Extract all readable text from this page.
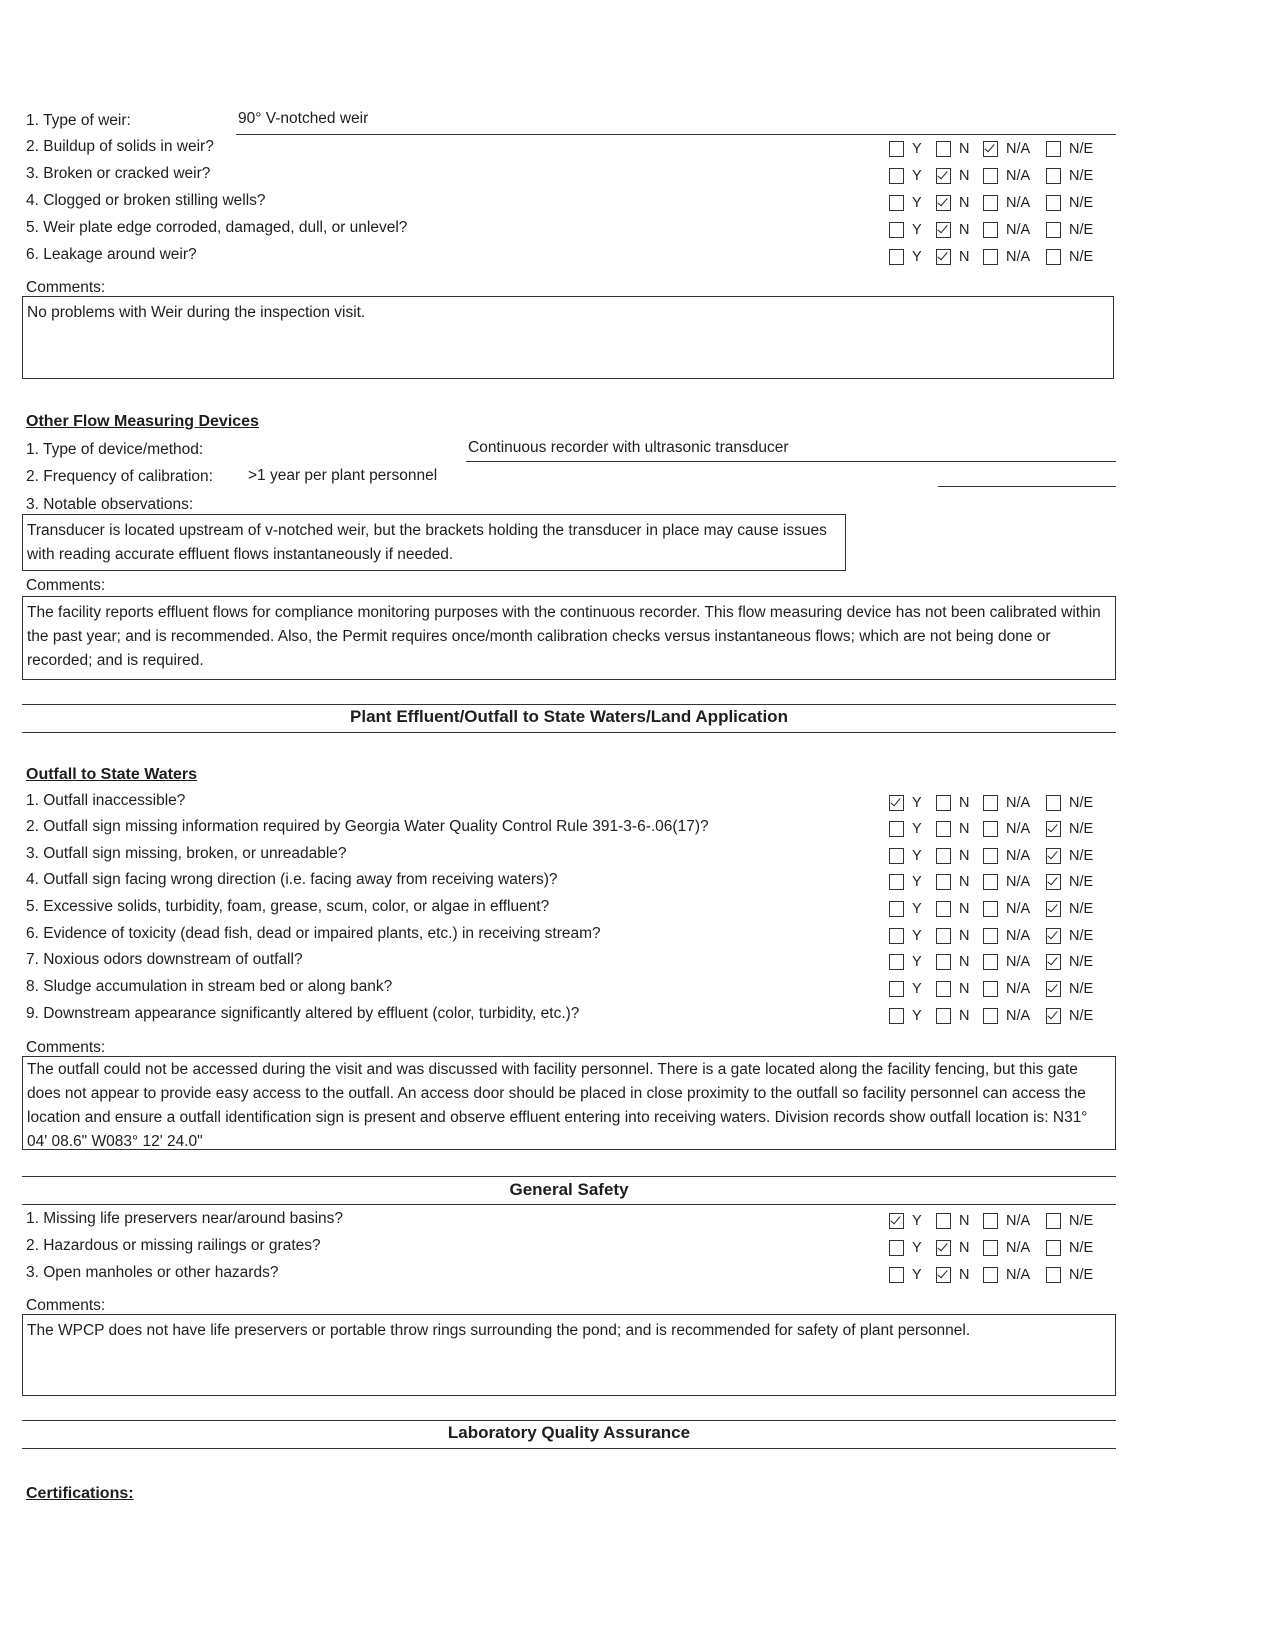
1. Type of weir:	90° V-notched weir
2. Buildup of solids in weir?	Y	N	N/A	N/E
3. Broken or cracked weir?	Y	N	N/A	N/E
4. Clogged or broken stilling wells?	Y	N	N/A	N/E
5. Weir plate edge corroded, damaged, dull, or unlevel?	Y	N	N/A	N/E
6. Leakage around weir?	Y	N	N/A	N/E
Comments:
No problems with Weir during the inspection visit.
Other Flow Measuring Devices
1. Type of device/method:	Continuous recorder with ultrasonic transducer
2. Frequency of calibration: >1 year per plant personnel
3. Notable observations:
Transducer is located upstream of v-notched weir, but the brackets holding the transducer in place may cause issues with reading accurate effluent flows instantaneously if needed.
Comments:
The facility reports effluent flows for compliance monitoring purposes with the continuous recorder. This flow measuring device has not been calibrated within the past year; and is recommended. Also, the Permit requires once/month calibration checks versus instantaneous flows; which are not being done or recorded; and is required.
Plant Effluent/Outfall to State Waters/Land Application
Outfall to State Waters
1. Outfall inaccessible?	Y	N	N/A	N/E
2. Outfall sign missing information required by Georgia Water Quality Control Rule 391-3-6-.06(17)?	Y	N	N/A	N/E
3. Outfall sign missing, broken, or unreadable?	Y	N	N/A	N/E
4. Outfall sign facing wrong direction (i.e. facing away from receiving waters)?	Y	N	N/A	N/E
5. Excessive solids, turbidity, foam, grease, scum, color, or algae in effluent?	Y	N	N/A	N/E
6. Evidence of toxicity (dead fish, dead or impaired plants, etc.) in receiving stream?	Y	N	N/A	N/E
7. Noxious odors downstream of outfall?	Y	N	N/A	N/E
8. Sludge accumulation in stream bed or along bank?	Y	N	N/A	N/E
9. Downstream appearance significantly altered by effluent (color, turbidity, etc.)?	Y	N	N/A	N/E
Comments:
The outfall could not be accessed during the visit and was discussed with facility personnel. There is a gate located along the facility fencing, but this gate does not appear to provide easy access to the outfall. An access door should be placed in close proximity to the outfall so facility personnel can access the location and ensure a outfall identification sign is present and observe effluent entering into receiving waters. Division records show outfall location is: N31° 04' 08.6" W083° 12' 24.0"
General Safety
1. Missing life preservers near/around basins?	Y	N	N/A	N/E
2. Hazardous or missing railings or grates?	Y	N	N/A	N/E
3. Open manholes or other hazards?	Y	N	N/A	N/E
Comments:
The WPCP does not have life preservers or portable throw rings surrounding the pond; and is recommended for safety of plant personnel.
Laboratory Quality Assurance
Certifications:
